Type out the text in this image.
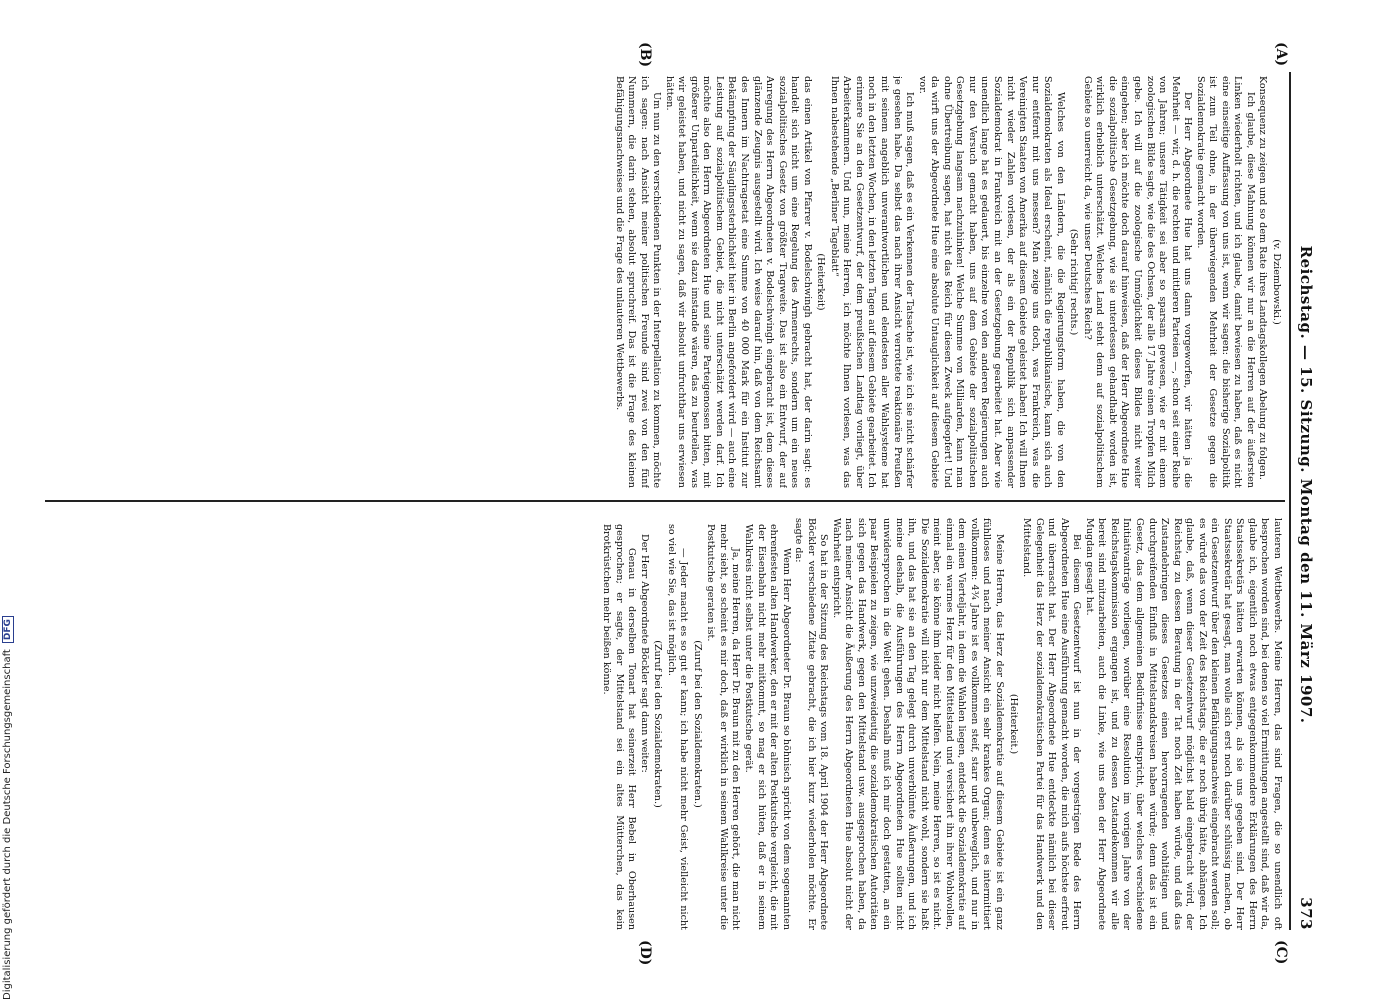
Reichstag. — 15. Sitzung. Montag den 11. März 1907.
373
(A)
(B)
(C)
(D)

(v. Dziembowski.)

Konsequenz zu zeigen und so dem Rate ihres Landtagskollegen Abelung zu folgen.

Ich glaube, diese Mahnung können wir nur an die Herren auf der äußersten Linken wiederholt richten, und ich glaube, damit bewiesen zu haben, daß es nicht eine einseitige Auffassung von uns ist, wenn wir sagen: die bisherige Sozialpolitik ist zum Teil ohne, in der überwiegenden Mehrheit der Gesetze gegen die Sozialdemokratie gemacht worden.

Der Herr Abgeordnete Hue hat uns dann vorgeworfen, wir hätten ja die Mehrheit — wir, d. h. die rechten und mittleren Parteien —, schon seit einer Reihe von Jahren; unsere Tätigkeit sei aber so sparsam gewesen, wie er mit einem zoologischen Bilde sagte, wie die des Ochsen, der alle 17 Jahre einen Tropfen Milch gebe. Ich will auf die zoologische Unmöglichkeit dieses Bildes nicht weiter eingehen; aber ich möchte doch darauf hinweisen, daß der Herr Abgeordnete Hue die sozialpolitische Gesetzgebung, wie sie unterdessen gehandhabt worden ist, wirklich erheblich unterschätzt. Welches Land steht denn auf sozialpolitischem Gebiete so unerreicht da, wie unser Deutsches Reich?

(Sehr richtig! rechts.)

Welches von den Ländern, die die Regierungsform haben, die von den Sozialdemokraten als Ideal erscheint, nämlich die republikanische, kann sich auch nur entfernt mit uns messen? Man zeige uns doch, was Frankreich, was die Vereinigten Staaten von Amerika auf diesem Gebiete geleistet haben! Ich will Ihnen nicht wieder Zahlen vorlesen, der als ein der Republik sich anpassender Sozialdemokrat in Frankreich mit an der Gesetzgebung gearbeitet hat. Aber wie unendlich lange hat es gedauert, bis einzelne von den anderen Regierungen auch nur den Versuch gemacht haben, uns auf dem Gebiete der sozialpolitischen Gesetzgebung langsam nachzuhinken! Welche Summe von Milliarden, kann man ohne Übertreibung sagen, hat nicht das Reich für diesen Zweck aufgeopfert! Und da wirft uns der Abgeordnete Hue eine absolute Untauglichkeit auf diesem Gebiete vor.

Ich muß sagen, daß es ein Verkennen der Tatsache ist, wie ich sie nicht schärfer je gesehen habe. Da selbst das nach ihrer Ansicht verrottete reaktionäre Preußen mit seinem angeblich unverantwortlichen und elendesten aller Wahlsysteme hat noch in den letzten Wochen, in den letzten Tagen auf diesem Gebiete gearbeitet. Ich erinnere Sie an den Gesetzentwurf, der dem preußischen Landtag vorliegt, über Arbeiterkammern. Und nun, meine Herren, ich möchte Ihnen vorlesen, was das Ihnen nahestehende „Berliner Tageblatt“

(Heiterkeit)

das einen Artikel von Pfarrer v. Bodelschwingh gebracht hat, der darin sagt: es handelt sich nicht um eine Regelung des Armenrechts, sondern um ein neues sozialpolitisches Gesetz von größter Tragweite. Das ist also ein Entwurf, der auf Anregung des Herrn Abgeordneten v. Bodelschwingh eingebracht ist, dem dieses glänzende Zeugnis ausgestellt wird. Ich weise darauf hin, daß von dem Reichsamt des Innern im Nachtragsetat eine Summe von 40 000 Mark für ein Institut zur Bekämpfung der Säuglingssterblichkeit hier in Berlin angefordert wird — auch eine Leistung auf sozialpolitischem Gebiet, die nicht unterschätzt werden darf. Ich möchte also den Herrn Abgeordneten Hue und seine Parteigenossen bitten, mit größerer Unparteilichkeit, wenn sie dazu imstande wären, das zu beurteilen, was wir geleistet haben, und nicht zu sagen, daß wir absolut unfruchtbar uns erwiesen hätten.

Um nun zu den verschiedenen Punkten in der Interpellation zu kommen, möchte ich sagen: nach Ansicht meiner politischen Freunde sind zwei von den fünf Nummern, die darin stehen, absolut spruchreif. Das ist die Frage des kleinen Befähigungsnachweises und die Frage des unlauteren Wettbewerbs.

lauteren Wettbewerbs. Meine Herren, das sind Fragen, die so unendlich oft besprochen worden sind, bei denen so viel Ermittlungen angestellt sind, daß wir da, glaube ich, eigentlich noch etwas entgegenkommendere Erklärungen des Herrn Staatssekretärs hätten erwarten können, als sie uns gegeben sind. Der Herr Staatssekretär hat gesagt, man wolle sich erst noch darüber schlüssig machen, ob ein Gesetzentwurf über den kleinen Befähigungsnachweis eingebracht werden soll; es würde das von der Zeit des Reichstags, die er noch übrig hätte, abhängen. Ich glaube, daß, wenn dieser Gesetzentwurf möglichst bald eingebracht wird, der Reichstag zu dessen Beratung in der Tat noch Zeit haben würde, und daß das Zustandebringen dieses Gesetzes einen hervorragenden wohltätigen und durchgreifenden Einfluß in Mittelstandskreisen haben würde; denn das ist ein Gesetz, das dem allgemeinen Bedürfnisse entspricht, über welches verschiedene Initiativanträge vorliegen, worüber eine Resolution im vorigen Jahre von der Reichstagskommission ergangen ist, und zu dessen Zustandekommen wir alle bereit sind mitzuarbeiten, auch die Linke, wie uns eben der Herr Abgeordnete Mugdan gesagt hat.

Bei diesem Gesetzentwurf ist nun in der vorgestrigen Rede des Herrn Abgeordneten Hue eine Ausführung gemacht worden, die mich aufs höchste erfreut und überrascht hat. Der Herr Abgeordnete Hue entdeckte nämlich bei dieser Gelegenheit das Herz der sozialdemokratischen Partei für das Handwerk und den Mittelstand.

(Heiterkeit.)

Meine Herren, das Herz der Sozialdemokratie auf diesem Gebiete ist ein ganz fühlloses und nach meiner Ansicht ein sehr krankes Organ; denn es intermittiert vollkommen: 4¾ Jahre ist es vollkommen steif, starr und unbeweglich, und nur in dem einen Vierteljahr, in dem die Wahlen liegen, entdeckt die Sozialdemokratie auf einmal ein warmes Herz für den Mittelstand und versichert ihn ihrer Wohlwollen, meint aber, sie könne ihm leider nicht helfen. Nein, meine Herren, so ist es nicht. Die Sozialdemokratie will nicht nur dem Mittelstand nicht wohl, sondern sie haßt ihn, und das hat sie an den Tag gelegt durch unverblümte Äußerungen, und ich meine deshalb, die Ausführungen des Herrn Abgeordneten Hue sollten nicht unwidersprochen in die Welt gehen. Deshalb muß ich mir doch gestatten, an ein paar Beispielen zu zeigen, wie unzweideutig die sozialdemokratischen Autoritäten sich gegen das Handwerk, gegen den Mittelstand usw. ausgesprochen haben, da nach meiner Ansicht die Äußerung des Herrn Abgeordneten Hue absolut nicht der Wahrheit entspricht.

So hat in der Sitzung des Reichstags vom 18. April 1904 der Herr Abgeordnete Böckler verschiedene Zitate gebracht, die ich hier kurz wiederholen möchte. Er sagte da:

Wenn Herr Abgeordneter Dr. Braun so höhnisch spricht von dem sogenannten ehrenfesten alten Handwerker, den er mit der alten Postkutsche vergleicht, die mit der Eisenbahn nicht mehr mitkommt, so mag er sich hüten, daß er in seinem Wahlkreis nicht selbst unter die Postkutsche gerät.

Ja, meine Herren, da Herr Dr. Braun mit zu den Herren gehört, die man nicht mehr sieht, so scheint es mir doch, daß er wirklich in seinem Wahlkreise unter die Postkutsche geraten ist.

(Zuruf bei den Sozialdemokraten.)

— Jeder macht es so gut er kann; ich habe nicht mehr Geist, vielleicht nicht so viel wie Sie, das ist möglich.

(Zuruf bei den Sozialdemokraten.)

Der Herr Abgeordnete Böckler sagt dann weiter:

Genau in derselben Tonart hat seinerzeit Herr Bebel in Oberhausen gesprochen; er sagte, der Mittelstand sei ein altes Mütterchen, das kein Brotkrüstchen mehr beißen könne.

Digitalisierung gefördert durch die Deutsche ForschungsgemeinschaftDFG
